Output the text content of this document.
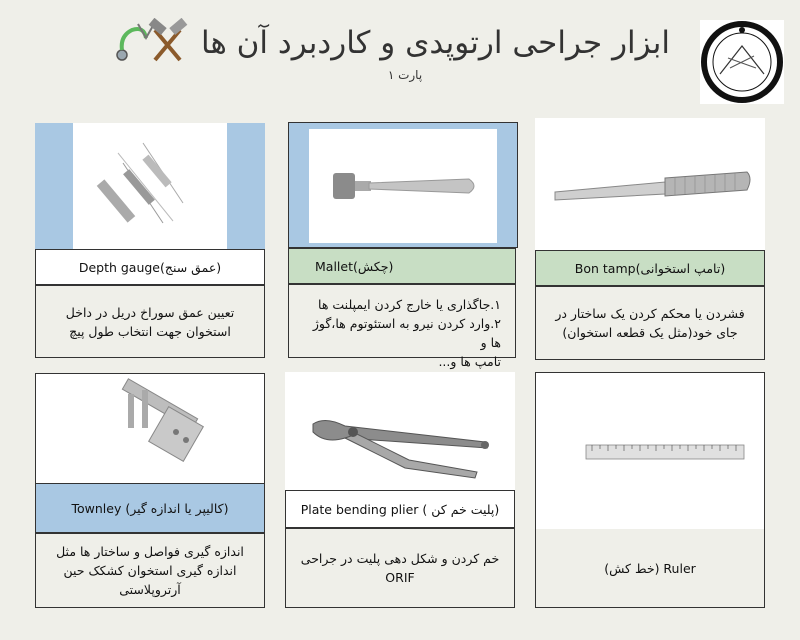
ابزار جراحی ارتوپدی و کاردبرد آن ها
پارت ۱
Depth gauge(عمق سنج)
تعیین عمق سوراخ دریل در داخل استخوان جهت انتخاب طول پیچ
Mallet(چکش)
۱.جاگذاری یا خارج کردن ایمپلنت ها
۲.وارد کردن نیرو به استئوتوم ها،گوژ ها و
تامپ ها و...
Bon tamp(تامپ استخوانی)
فشردن یا محکم کردن یک ساختار در جای خود(مثل یک قطعه استخوان)
Townley (کالیپر یا اندازه گیر)
اندازه گیری فواصل و ساختار ها مثل اندازه گیری استخوان کشکک حین آرتروپلاستی
Plate bending plier ( پلیت خم کن)
خم کردن و شکل دهی پلیت در جراحی ORIF
Ruler (خط کش)
